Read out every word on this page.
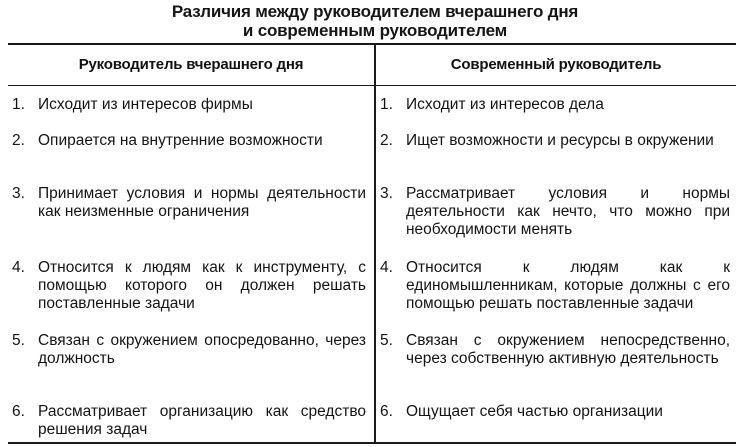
Различия между руководителем вчерашнего дня
и современным руководителем
Руководитель вчерашнего дня	Современный руководитель
1. Исходит из интересов фирмы
2. Опирается на внутренние возможности
3. Принимает условия и нормы деятельности как неизменные ограничения
4. Относится к людям как к инструменту, с помощью которого он должен решать поставленные задачи
5. Связан с окружением опосредованно, через должность
6. Рассматривает организацию как средство решения задач
1. Исходит из интересов дела
2. Ищет возможности и ресурсы в окружении
3. Рассматривает условия и нормы деятельности как нечто, что можно при необходимости менять
4. Относится к людям как к единомышленникам, которые должны с его помощью решать поставленные задачи
5. Связан с окружением непосредственно, через собственную активную деятельность
6. Ощущает себя частью организации
